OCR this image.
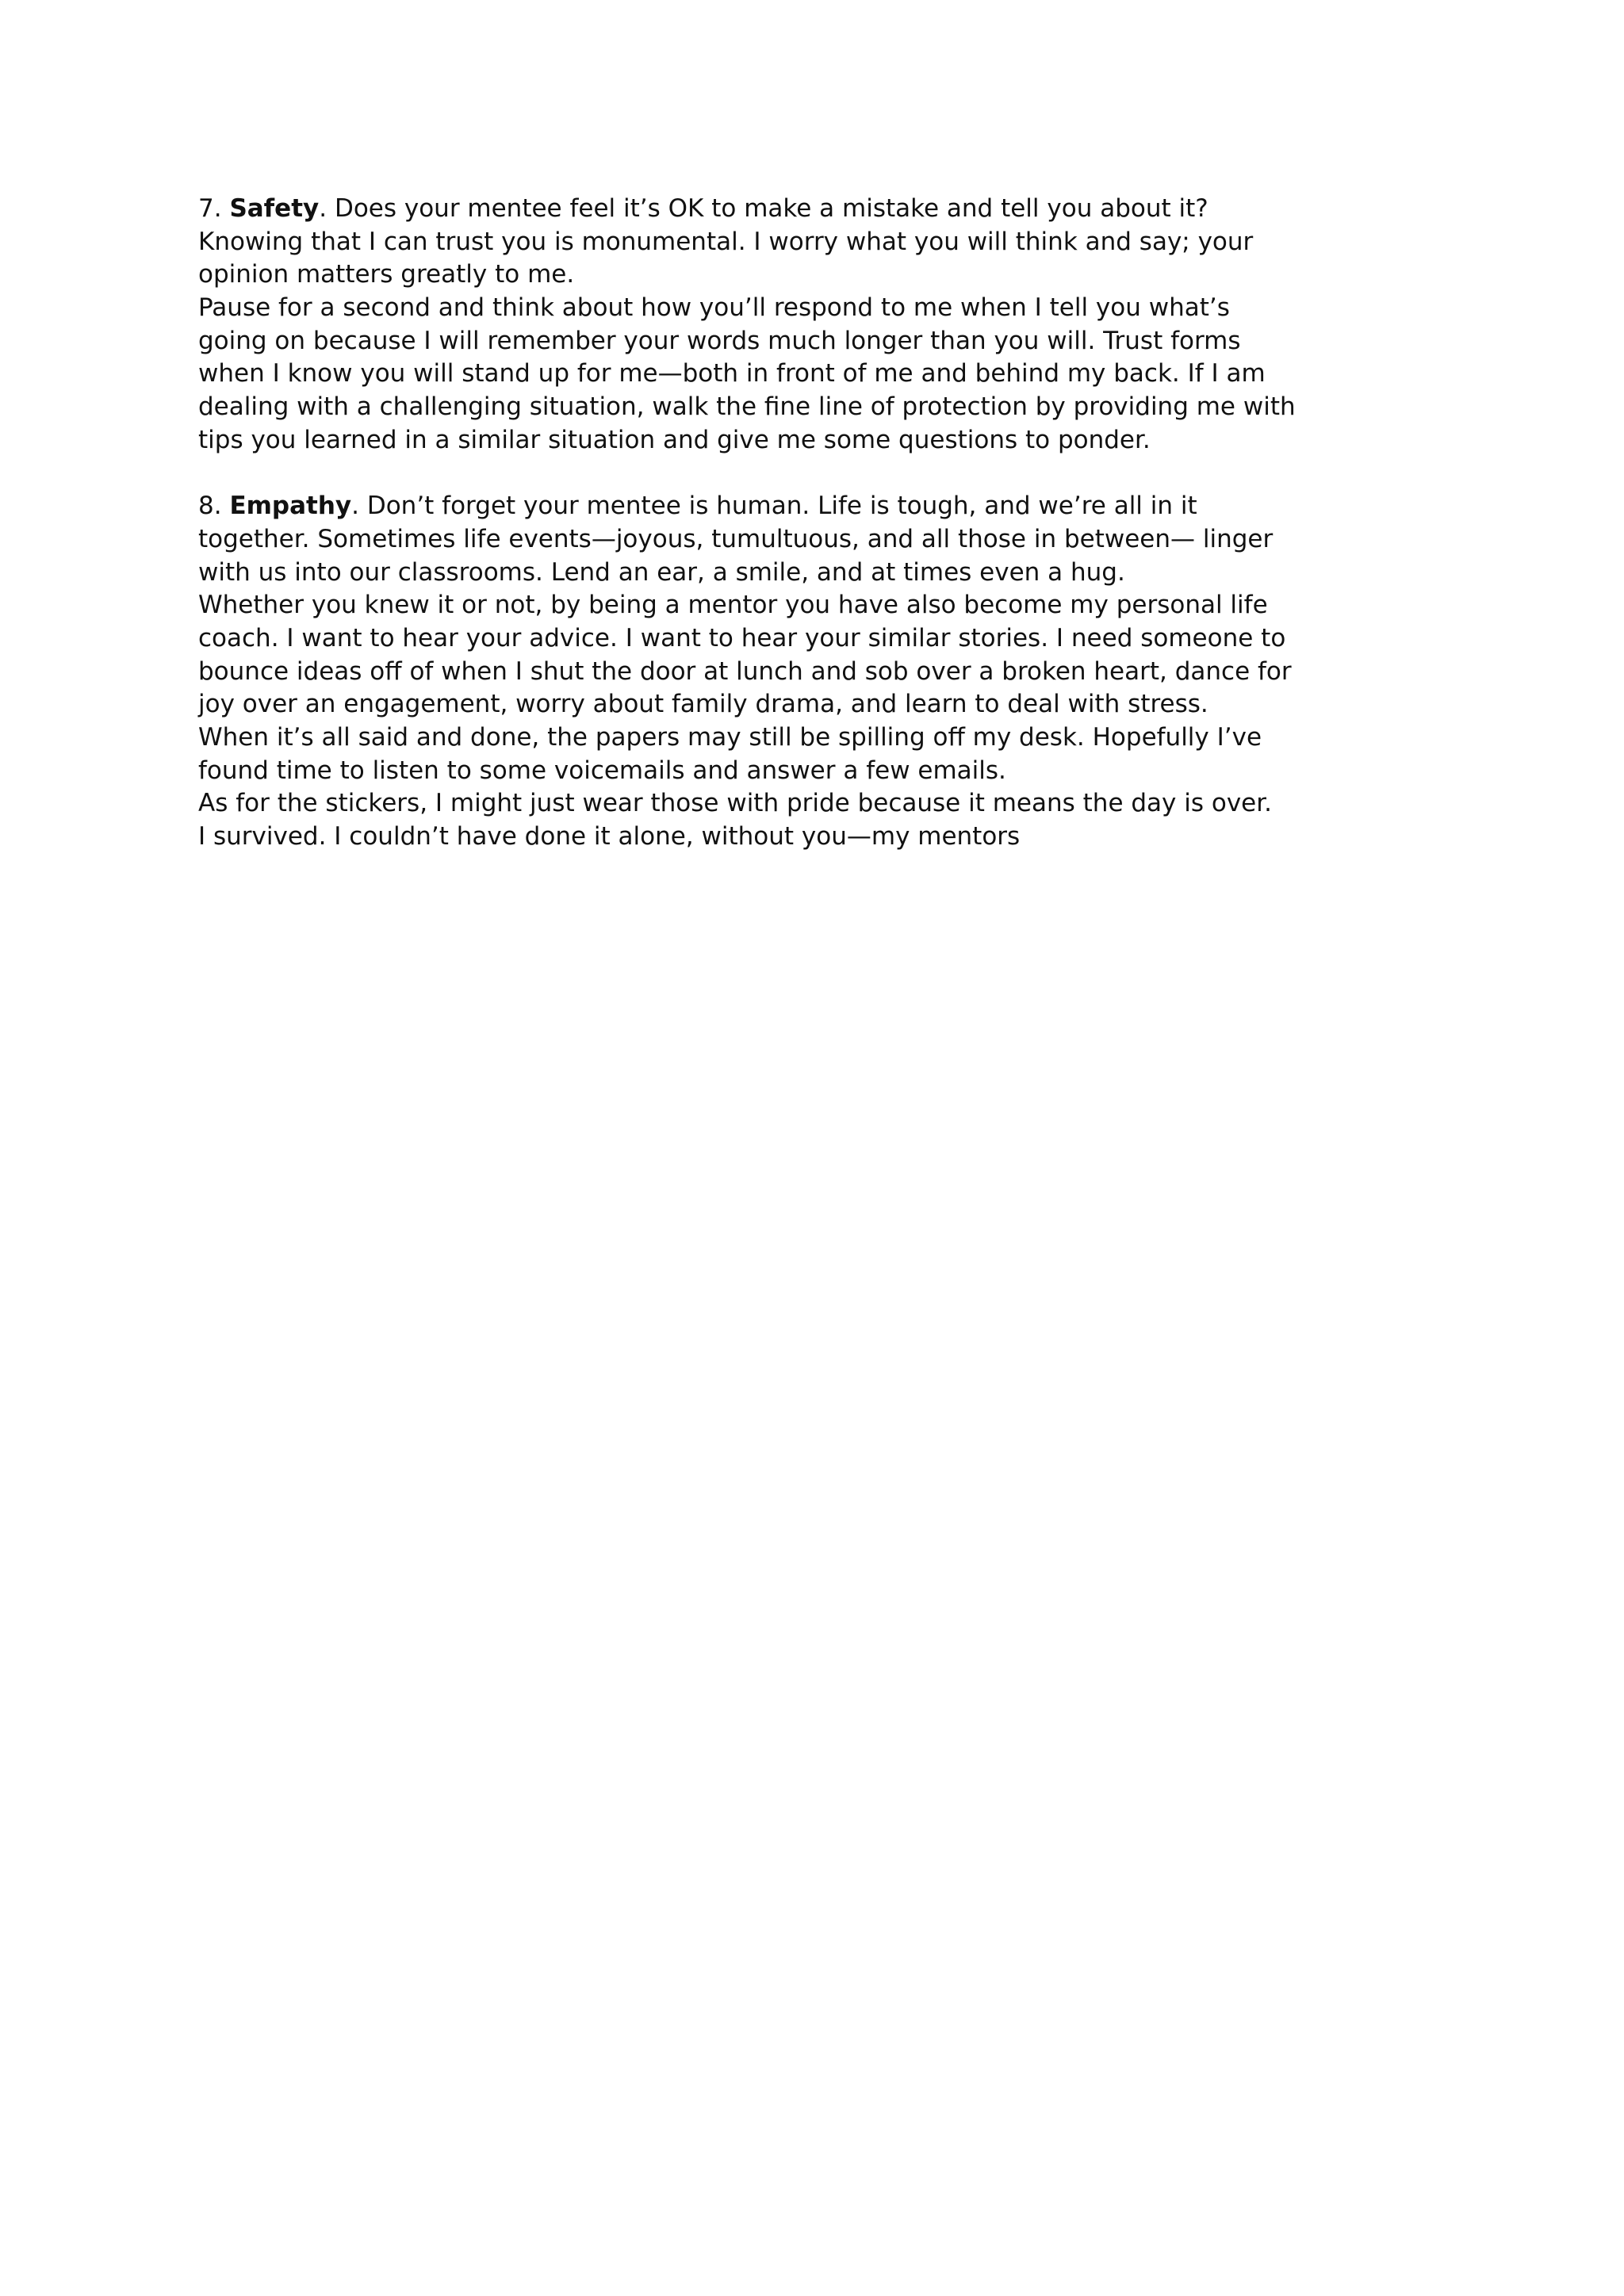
7. Safety. Does your mentee feel it’s OK to make a mistake and tell you about it?
Knowing that I can trust you is monumental. I worry what you will think and say; your
opinion matters greatly to me.
Pause for a second and think about how you’ll respond to me when I tell you what’s
going on because I will remember your words much longer than you will. Trust forms
when I know you will stand up for me—both in front of me and behind my back. If I am
dealing with a challenging situation, walk the fine line of protection by providing me with
tips you learned in a similar situation and give me some questions to ponder.
8. Empathy. Don’t forget your mentee is human. Life is tough, and we’re all in it
together. Sometimes life events—joyous, tumultuous, and all those in between— linger
with us into our classrooms. Lend an ear, a smile, and at times even a hug.
Whether you knew it or not, by being a mentor you have also become my personal life
coach. I want to hear your advice. I want to hear your similar stories. I need someone to
bounce ideas off of when I shut the door at lunch and sob over a broken heart, dance for
joy over an engagement, worry about family drama, and learn to deal with stress.
When it’s all said and done, the papers may still be spilling off my desk. Hopefully I’ve
found time to listen to some voicemails and answer a few emails.
As for the stickers, I might just wear those with pride because it means the day is over.
I survived. I couldn’t have done it alone, without you—my mentors
